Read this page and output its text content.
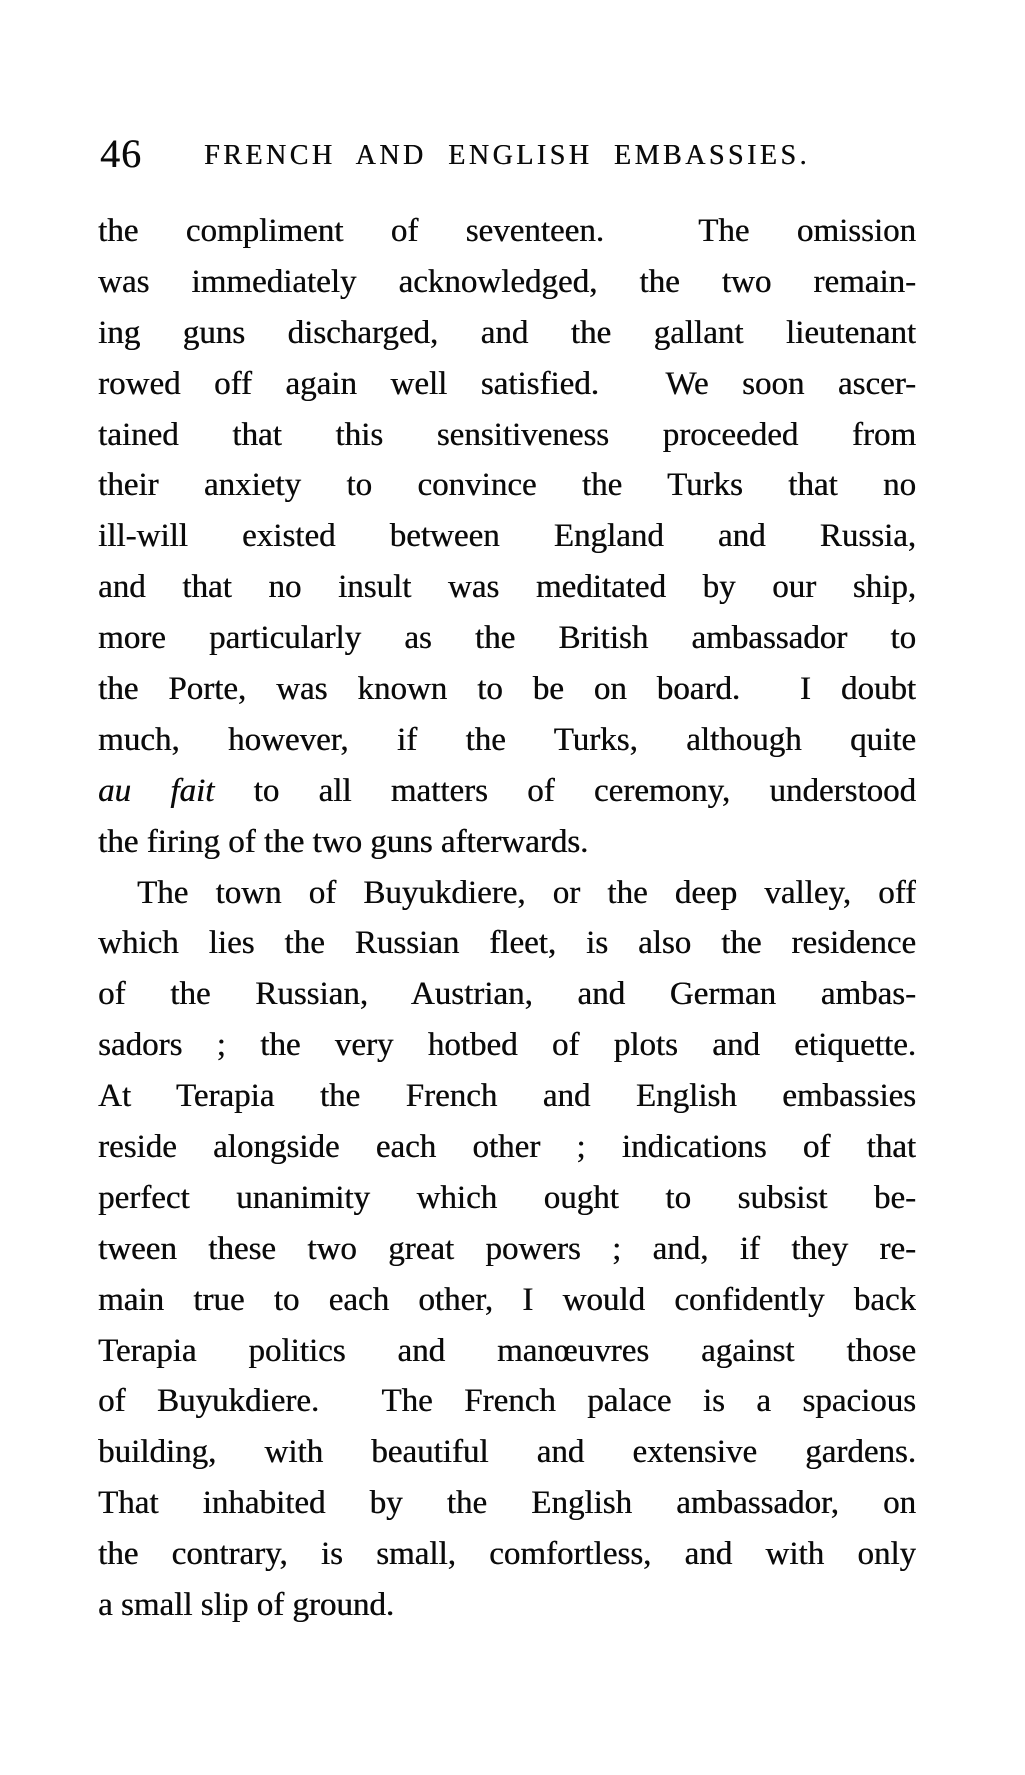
46	FRENCH AND ENGLISH EMBASSIES.
the compliment of seventeen.  The omission
was immediately acknowledged, the two remain-
ing guns discharged, and the gallant lieutenant
rowed off again well satisfied.  We soon ascer-
tained that this sensitiveness proceeded from
their anxiety to convince the Turks that no
ill-will existed between England and Russia,
and that no insult was meditated by our ship,
more particularly as the British ambassador to
the Porte, was known to be on board.  I doubt
much, however, if the Turks, although quite
au fait to all matters of ceremony, understood
the firing of the two guns afterwards.
The town of Buyukdiere, or the deep valley, off
which lies the Russian fleet, is also the residence
of the Russian, Austrian, and German ambas-
sadors ; the very hotbed of plots and etiquette.
At Terapia the French and English embassies
reside alongside each other ; indications of that
perfect unanimity which ought to subsist be-
tween these two great powers ; and, if they re-
main true to each other, I would confidently back
Terapia politics and manœuvres against those
of Buyukdiere.  The French palace is a spacious
building, with beautiful and extensive gardens.
That inhabited by the English ambassador, on
the contrary, is small, comfortless, and with only
a small slip of ground.
